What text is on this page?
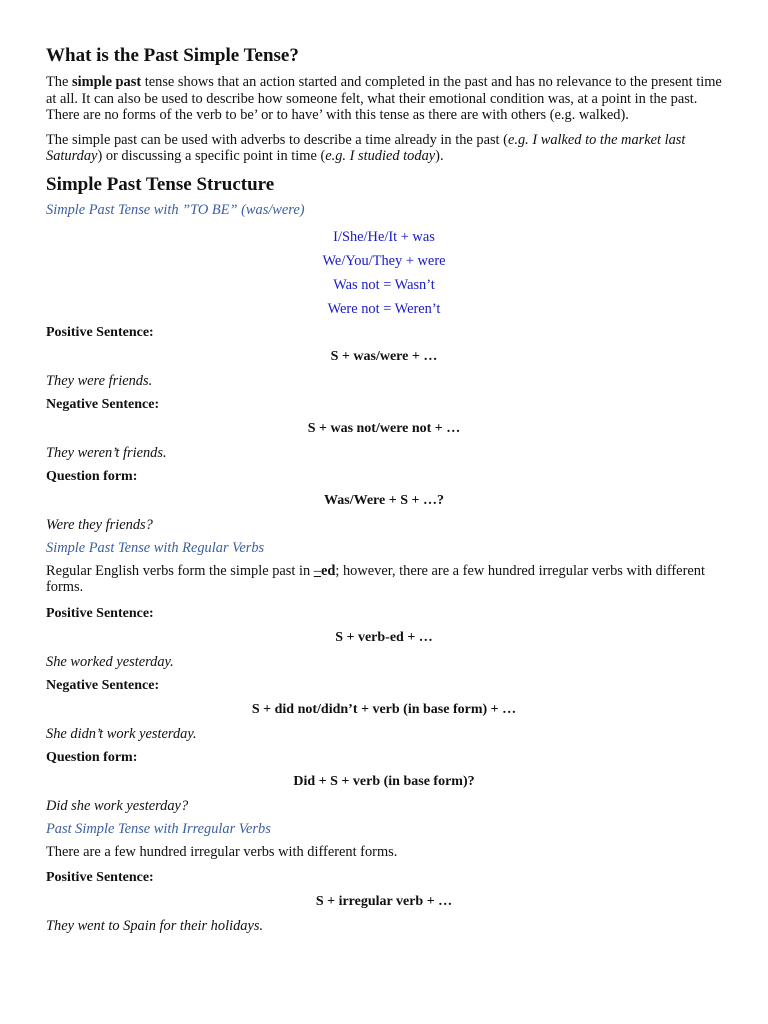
What is the Past Simple Tense?

The simple past tense shows that an action started and completed in the past and has no relevance to the present time at all. It can also be used to describe how someone felt, what their emotional condition was, at a point in the past. There are no forms of the verb to be’ or to have’ with this tense as there are with others (e.g. walked).

The simple past can be used with adverbs to describe a time already in the past (e.g. I walked to the market last Saturday) or discussing a specific point in time (e.g. I studied today).

Simple Past Tense Structure
Simple Past Tense with ”TO BE” (was/were)
I/She/He/It + was
We/You/They + were
Was not = Wasn’t
Were not = Weren’t
Positive Sentence:
S + was/were + …
They were friends.
Negative Sentence:
S + was not/were not + …
They weren’t friends.
Question form:
Was/Were + S + …?
Were they friends?
Simple Past Tense with Regular Verbs

Regular English verbs form the simple past in –ed; however, there are a few hundred irregular verbs with different forms.

Positive Sentence:
S + verb-ed + …
She worked yesterday.
Negative Sentence:
S + did not/didn’t + verb (in base form) + …
She didn’t work yesterday.
Question form:
Did + S + verb (in base form)?
Did she work yesterday?
Past Simple Tense with Irregular Verbs

There are a few hundred irregular verbs with different forms.

Positive Sentence:
S + irregular verb + …
They went to Spain for their holidays.
